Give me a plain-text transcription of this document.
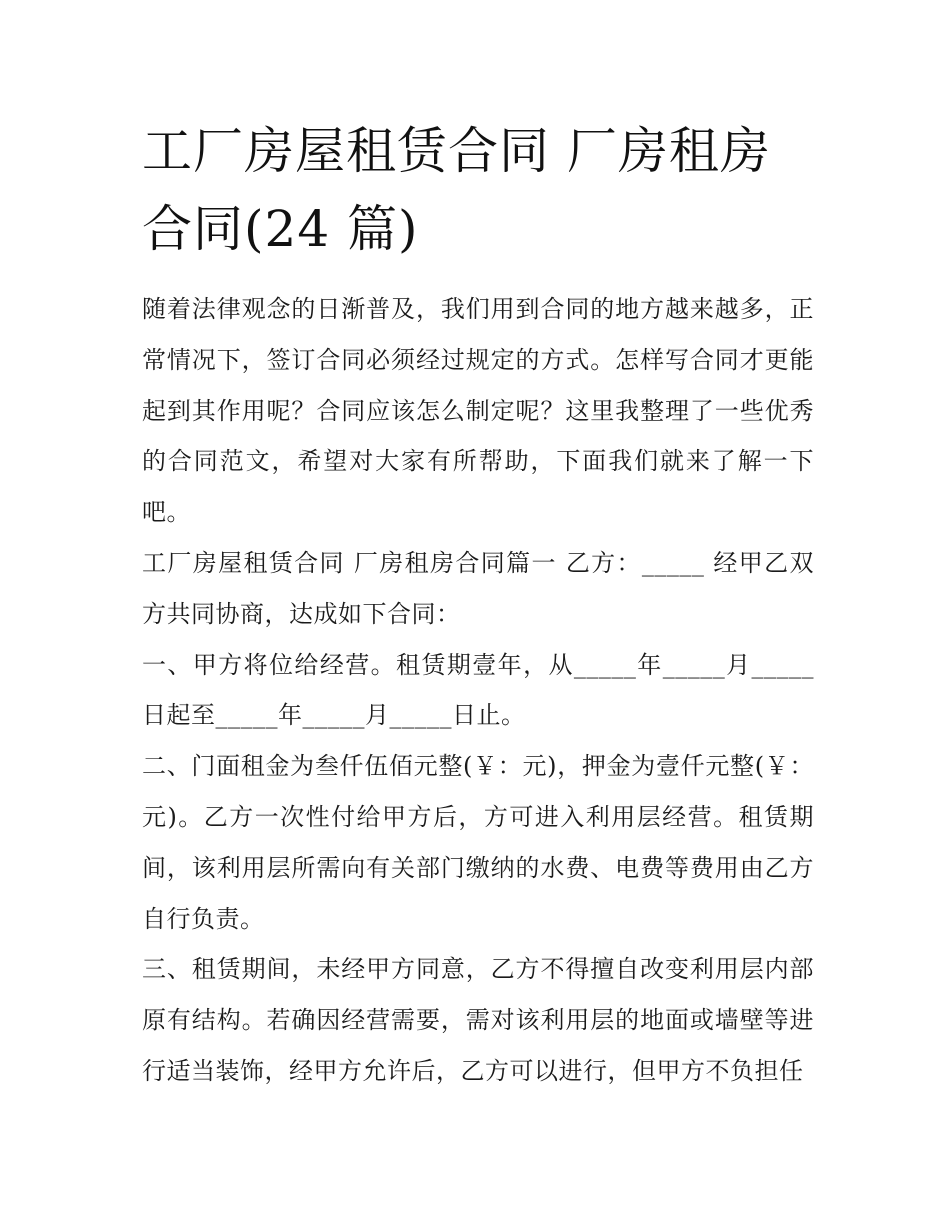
工厂房屋租赁合同 厂房租房合同(24 篇)

随着法律观念的日渐普及，我们用到合同的地方越来越多，正常情况下，签订合同必须经过规定的方式。怎样写合同才更能起到其作用呢？合同应该怎么制定呢？这里我整理了一些优秀的合同范文，希望对大家有所帮助，下面我们就来了解一下吧。

工厂房屋租赁合同 厂房租房合同篇一 乙方：_____ 经甲乙双方共同协商，达成如下合同：

一、甲方将位给经营。租赁期壹年，从_____年_____月_____日起至_____年_____月_____日止。

二、门面租金为叁仟伍佰元整(￥：元)，押金为壹仟元整(￥：元)。乙方一次性付给甲方后，方可进入利用层经营。租赁期间，该利用层所需向有关部门缴纳的水费、电费等费用由乙方自行负责。

三、租赁期间，未经甲方同意，乙方不得擅自改变利用层内部原有结构。若确因经营需要，需对该利用层的地面或墙壁等进行适当装饰，经甲方允许后，乙方可以进行，但甲方不负担任
